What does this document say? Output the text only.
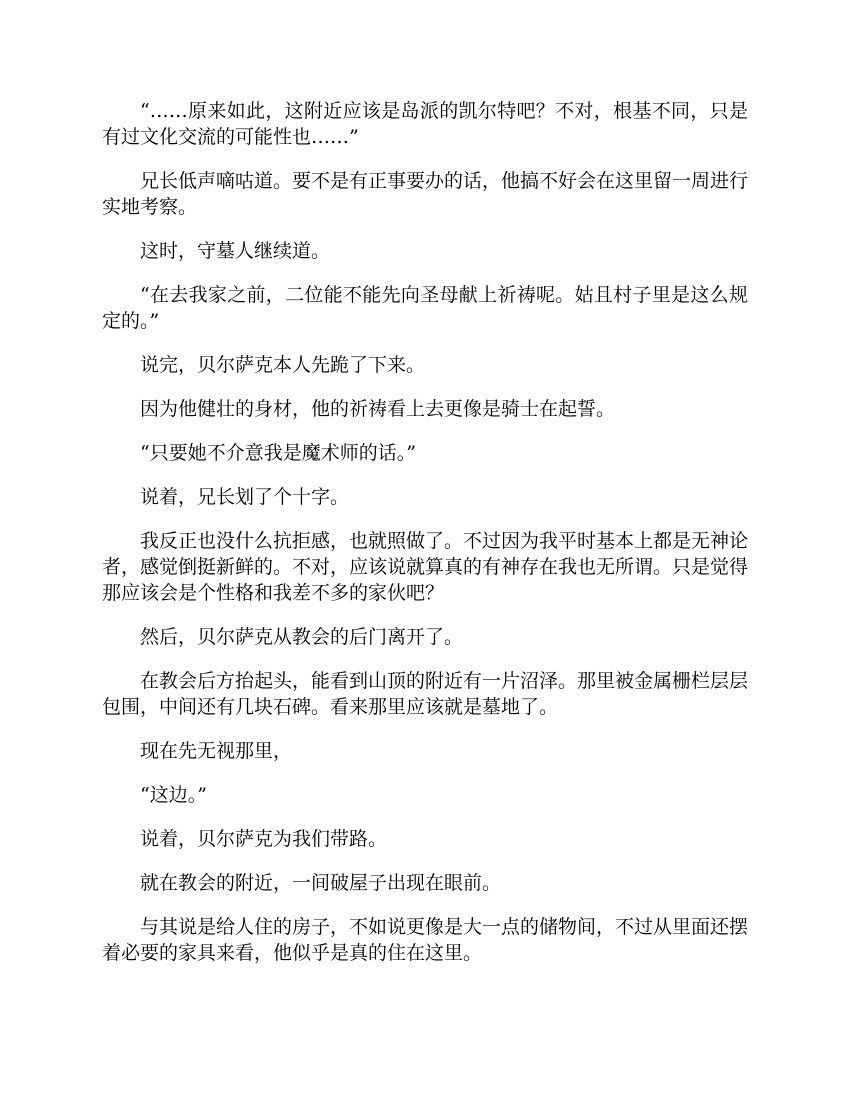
“……原来如此，这附近应该是岛派的凯尔特吧？不对，根基不同，只是有过文化交流的可能性也……”

兄长低声嘀咕道。要不是有正事要办的话，他搞不好会在这里留一周进行实地考察。

这时，守墓人继续道。

“在去我家之前，二位能不能先向圣母献上祈祷呢。姑且村子里是这么规定的。”

说完，贝尔萨克本人先跪了下来。

因为他健壮的身材，他的祈祷看上去更像是骑士在起誓。

“只要她不介意我是魔术师的话。”

说着，兄长划了个十字。

我反正也没什么抗拒感，也就照做了。不过因为我平时基本上都是无神论者，感觉倒挺新鲜的。不对，应该说就算真的有神存在我也无所谓。只是觉得那应该会是个性格和我差不多的家伙吧？

然后，贝尔萨克从教会的后门离开了。

在教会后方抬起头，能看到山顶的附近有一片沼泽。那里被金属栅栏层层包围，中间还有几块石碑。看来那里应该就是墓地了。

现在先无视那里，

“这边。”

说着，贝尔萨克为我们带路。

就在教会的附近，一间破屋子出现在眼前。

与其说是给人住的房子，不如说更像是大一点的储物间，不过从里面还摆着必要的家具来看，他似乎是真的住在这里。
